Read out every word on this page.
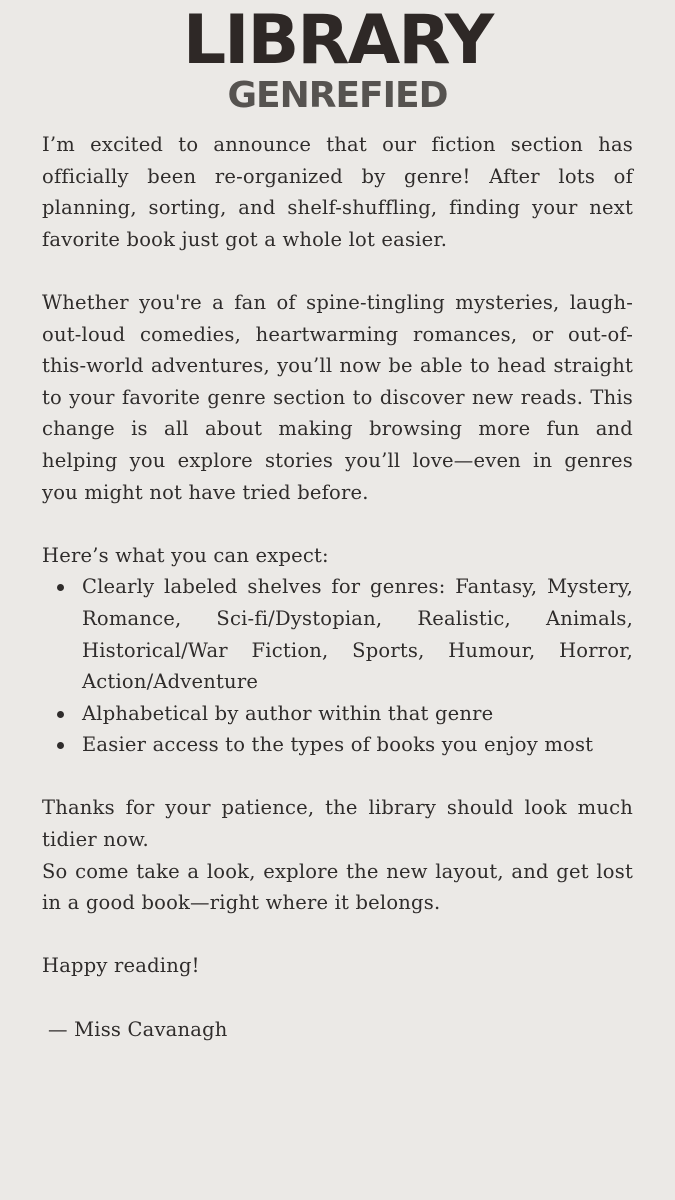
LIBRARY
GENREFIED

I’m excited to announce that our fiction section has officially been re-organized by genre! After lots of planning, sorting, and shelf-shuffling, finding your next favorite book just got a whole lot easier.

Whether you're a fan of spine-tingling mysteries, laugh-out-loud comedies, heartwarming romances, or out-of-this-world adventures, you’ll now be able to head straight to your favorite genre section to discover new reads. This change is all about making browsing more fun and helping you explore stories you’ll love—even in genres you might not have tried before.

Here’s what you can expect:

Clearly labeled shelves for genres: Fantasy, Mystery, Romance, Sci-fi/Dystopian, Realistic, Animals, Historical/War Fiction, Sports, Humour, Horror, Action/Adventure
Alphabetical by author within that genre
Easier access to the types of books you enjoy most

Thanks for your patience, the library should look much tidier now.

So come take a look, explore the new layout, and get lost in a good book—right where it belongs.

Happy reading!

— Miss Cavanagh
